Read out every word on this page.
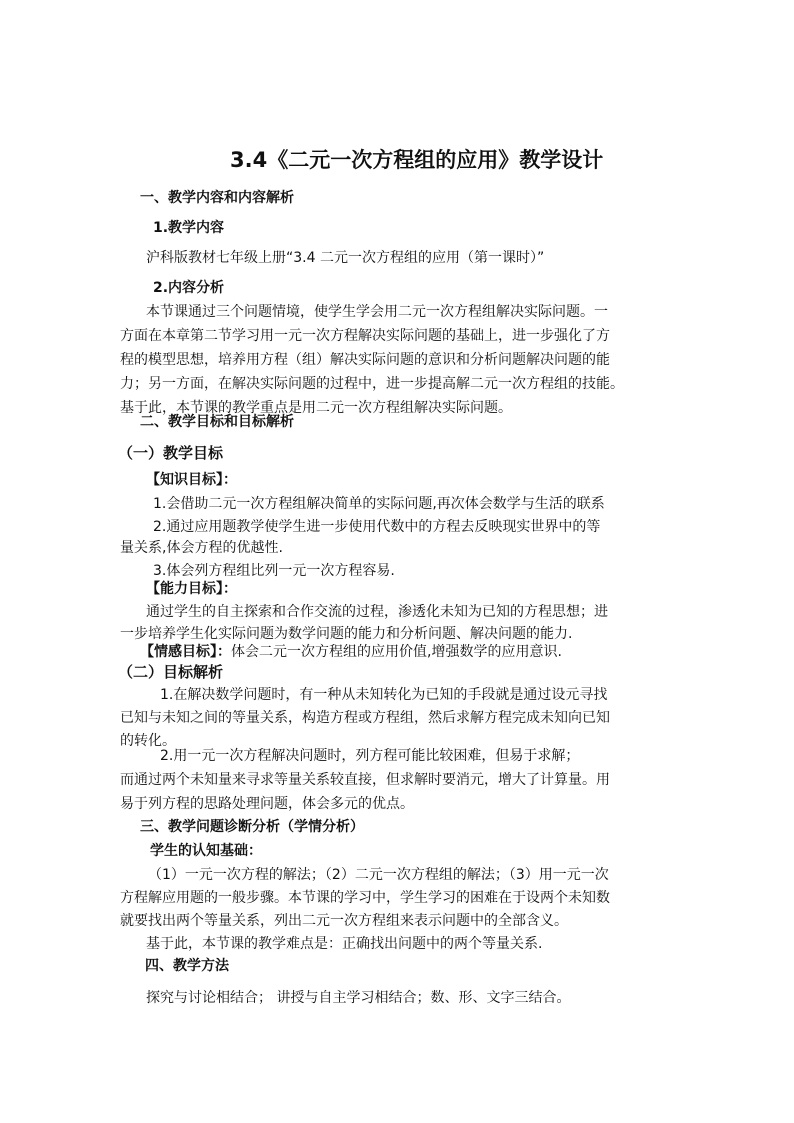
3.4《二元一次方程组的应用》教学设计
一、教学内容和内容解析
1.教学内容
沪科版教材七年级上册“3.4 二元一次方程组的应用（第一课时）”
2.内容分析
本节课通过三个问题情境，使学生学会用二元一次方程组解决实际问题。一
方面在本章第二节学习用一元一次方程解决实际问题的基础上，进一步强化了方
程的模型思想，培养用方程（组）解决实际问题的意识和分析问题解决问题的能
力；另一方面，在解决实际问题的过程中，进一步提高解二元一次方程组的技能。
基于此，本节课的教学重点是用二元一次方程组解决实际问题。
二、教学目标和目标解析
（一）教学目标
【知识目标】：
1.会借助二元一次方程组解决简单的实际问题,再次体会数学与生活的联系
2.通过应用题教学使学生进一步使用代数中的方程去反映现实世界中的等
量关系,体会方程的优越性.
3.体会列方程组比列一元一次方程容易.
【能力目标】：
通过学生的自主探索和合作交流的过程，渗透化未知为已知的方程思想；进
一步培养学生化实际问题为数学问题的能力和分析问题、解决问题的能力.
【情感目标】：体会二元一次方程组的应用价值,增强数学的应用意识.
（二）目标解析
1.在解决数学问题时，有一种从未知转化为已知的手段就是通过设元寻找
已知与未知之间的等量关系，构造方程或方程组，然后求解方程完成未知向已知
的转化。
2.用一元一次方程解决问题时，列方程可能比较困难，但易于求解；
而通过两个未知量来寻求等量关系较直接，但求解时要消元，增大了计算量。用
易于列方程的思路处理问题，体会多元的优点。
三、教学问题诊断分析（学情分析）
学生的认知基础：
（1）一元一次方程的解法；（2）二元一次方程组的解法；（3）用一元一次
方程解应用题的一般步骤。本节课的学习中，学生学习的困难在于设两个未知数
就要找出两个等量关系，列出二元一次方程组来表示问题中的全部含义。
基于此，本节课的教学难点是：正确找出问题中的两个等量关系.
四、教学方法
探究与讨论相结合； 讲授与自主学习相结合；数、形、文字三结合。
